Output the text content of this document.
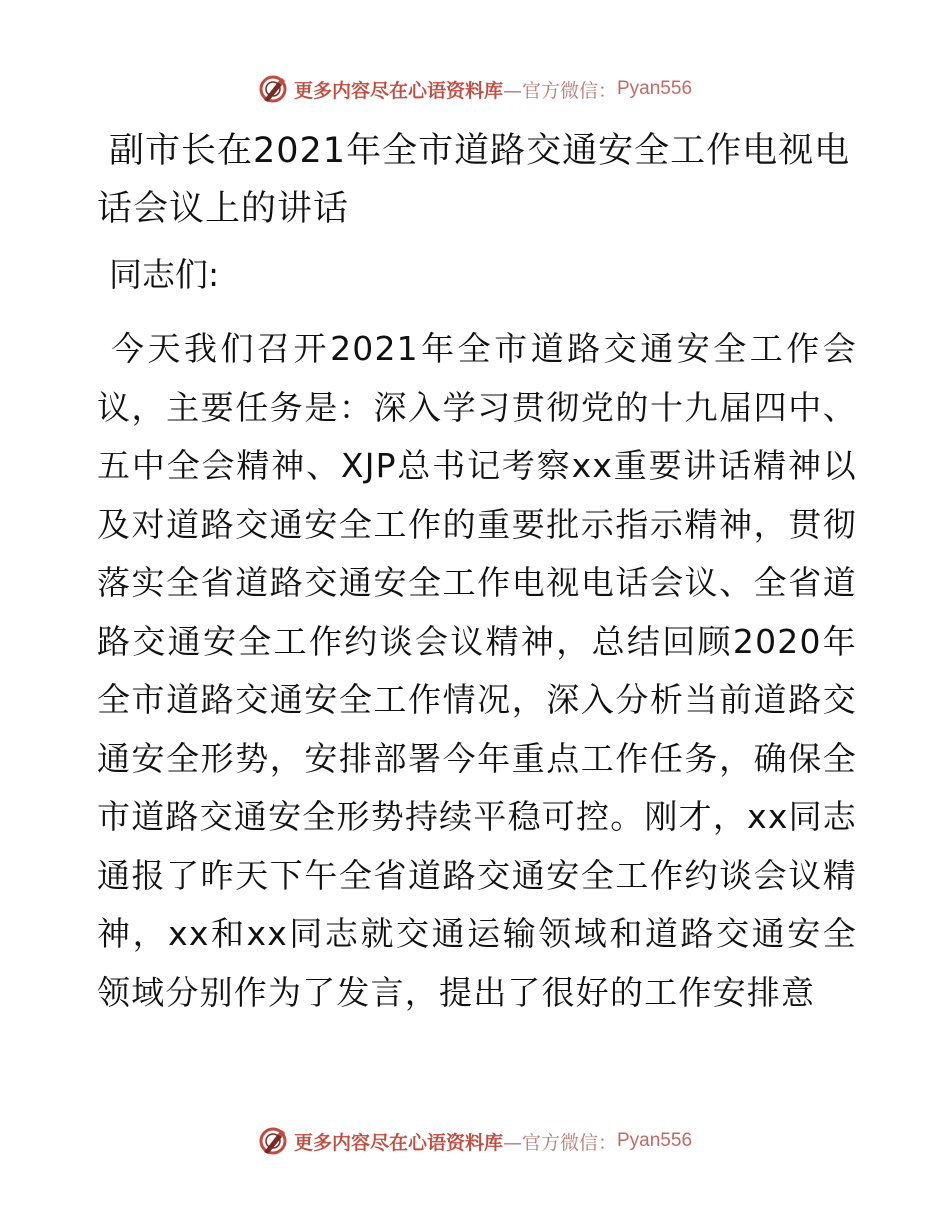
更多内容尽在心语资料库 —官方微信： Pyan556
副市长在2021年全市道路交通安全工作电视电话会议上的讲话

同志们:

今天我们召开2021年全市道路交通安全工作会议，主要任务是：深入学习贯彻党的十九届四中、五中全会精神、XJP总书记考察xx重要讲话精神以及对道路交通安全工作的重要批示指示精神，贯彻落实全省道路交通安全工作电视电话会议、全省道路交通安全工作约谈会议精神，总结回顾2020年全市道路交通安全工作情况，深入分析当前道路交通安全形势，安排部署今年重点工作任务，确保全市道路交通安全形势持续平稳可控。刚才，xx同志通报了昨天下午全省道路交通安全工作约谈会议精神，xx和xx同志就交通运输领域和道路交通安全领域分别作为了发言，提出了很好的工作安排意

更多内容尽在心语资料库 —官方微信： Pyan556
